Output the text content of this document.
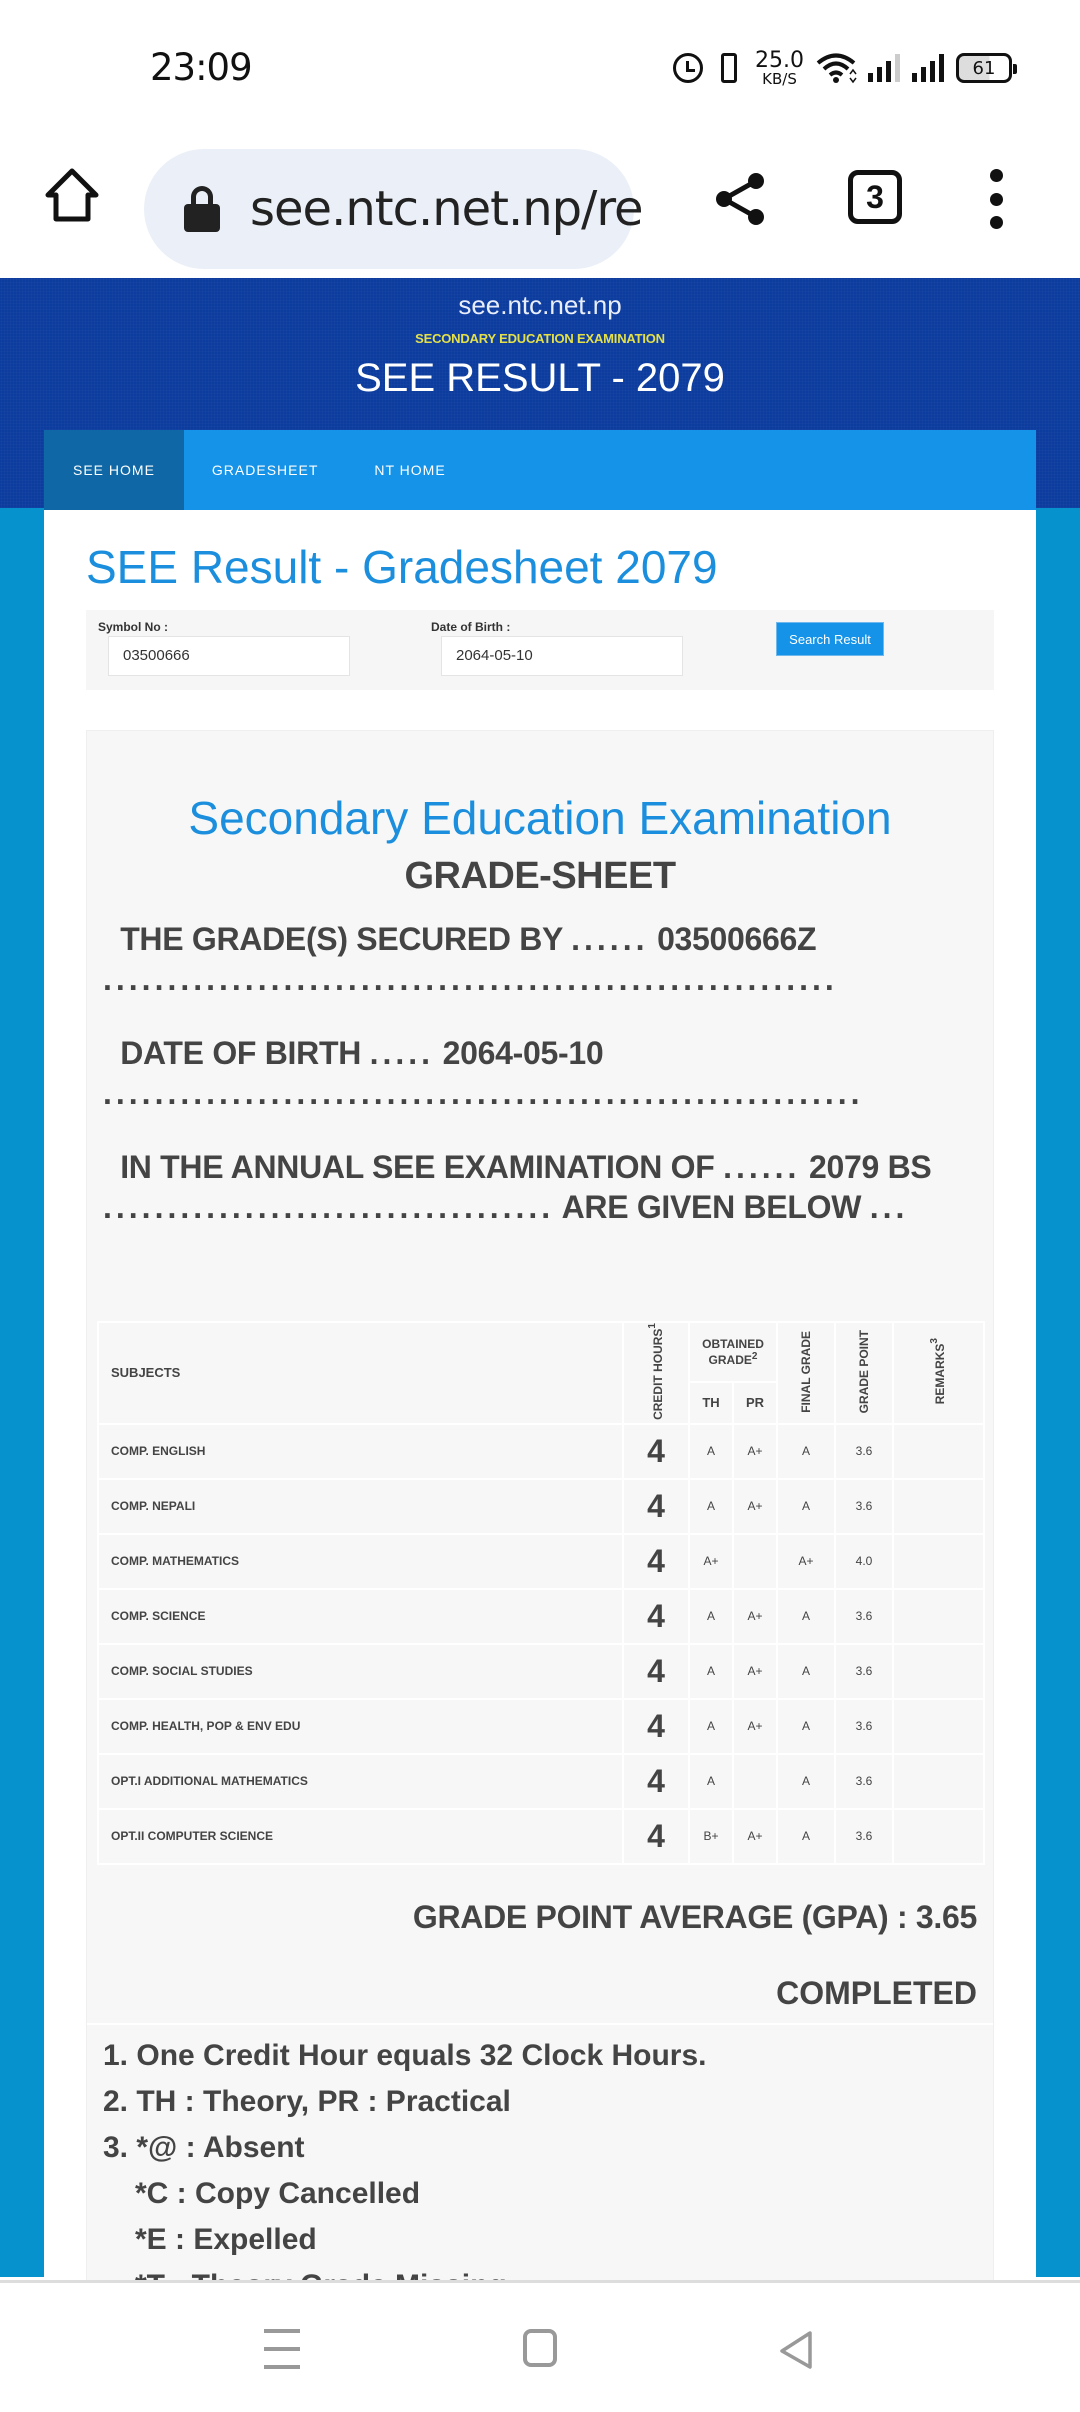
23:09	25.0
KB/S	61
see.ntc.net.np/re	3
see.ntc.net.np
SECONDARY EDUCATION EXAMINATION
SEE RESULT - 2079
SEE HOME	GRADESHEET	NT HOME
SEE Result - Gradesheet 2079
Symbol No :
03500666
Date of Birth :
2064-05-10
Search Result
Secondary Education Examination
GRADE-SHEET
THE GRADE(S) SECURED BY ...... 03500666Z .........................................................
DATE OF BIRTH ..... 2064-05-10 ...........................................................
IN THE ANNUAL SEE EXAMINATION OF ...... 2079 BS ................................... ARE GIVEN BELOW ...
SUBJECTS	CREDIT HOURS$^1$	OBTAINED GRADE$^2$		FINAL GRADE	GRADE POINT	REMARKS$^3$
		TH	PR			
COMP. ENGLISH	4	A	A+	A	3.6	
COMP. NEPALI	4	A	A+	A	3.6	
COMP. MATHEMATICS	4	A+		A+	4.0	
COMP. SCIENCE	4	A	A+	A	3.6	
COMP. SOCIAL STUDIES	4	A	A+	A	3.6	
COMP. HEALTH, POP & ENV EDU	4	A	A+	A	3.6	
OPT.I ADDITIONAL MATHEMATICS	4	A		A	3.6	
OPT.II COMPUTER SCIENCE	4	B+	A+	A	3.6	
GRADE POINT AVERAGE (GPA) : 3.65
COMPLETED
1. One Credit Hour equals 32 Clock Hours.
2. TH : Theory, PR : Practical
3. *@ : Absent
*C : Copy Cancelled
*E : Expelled
